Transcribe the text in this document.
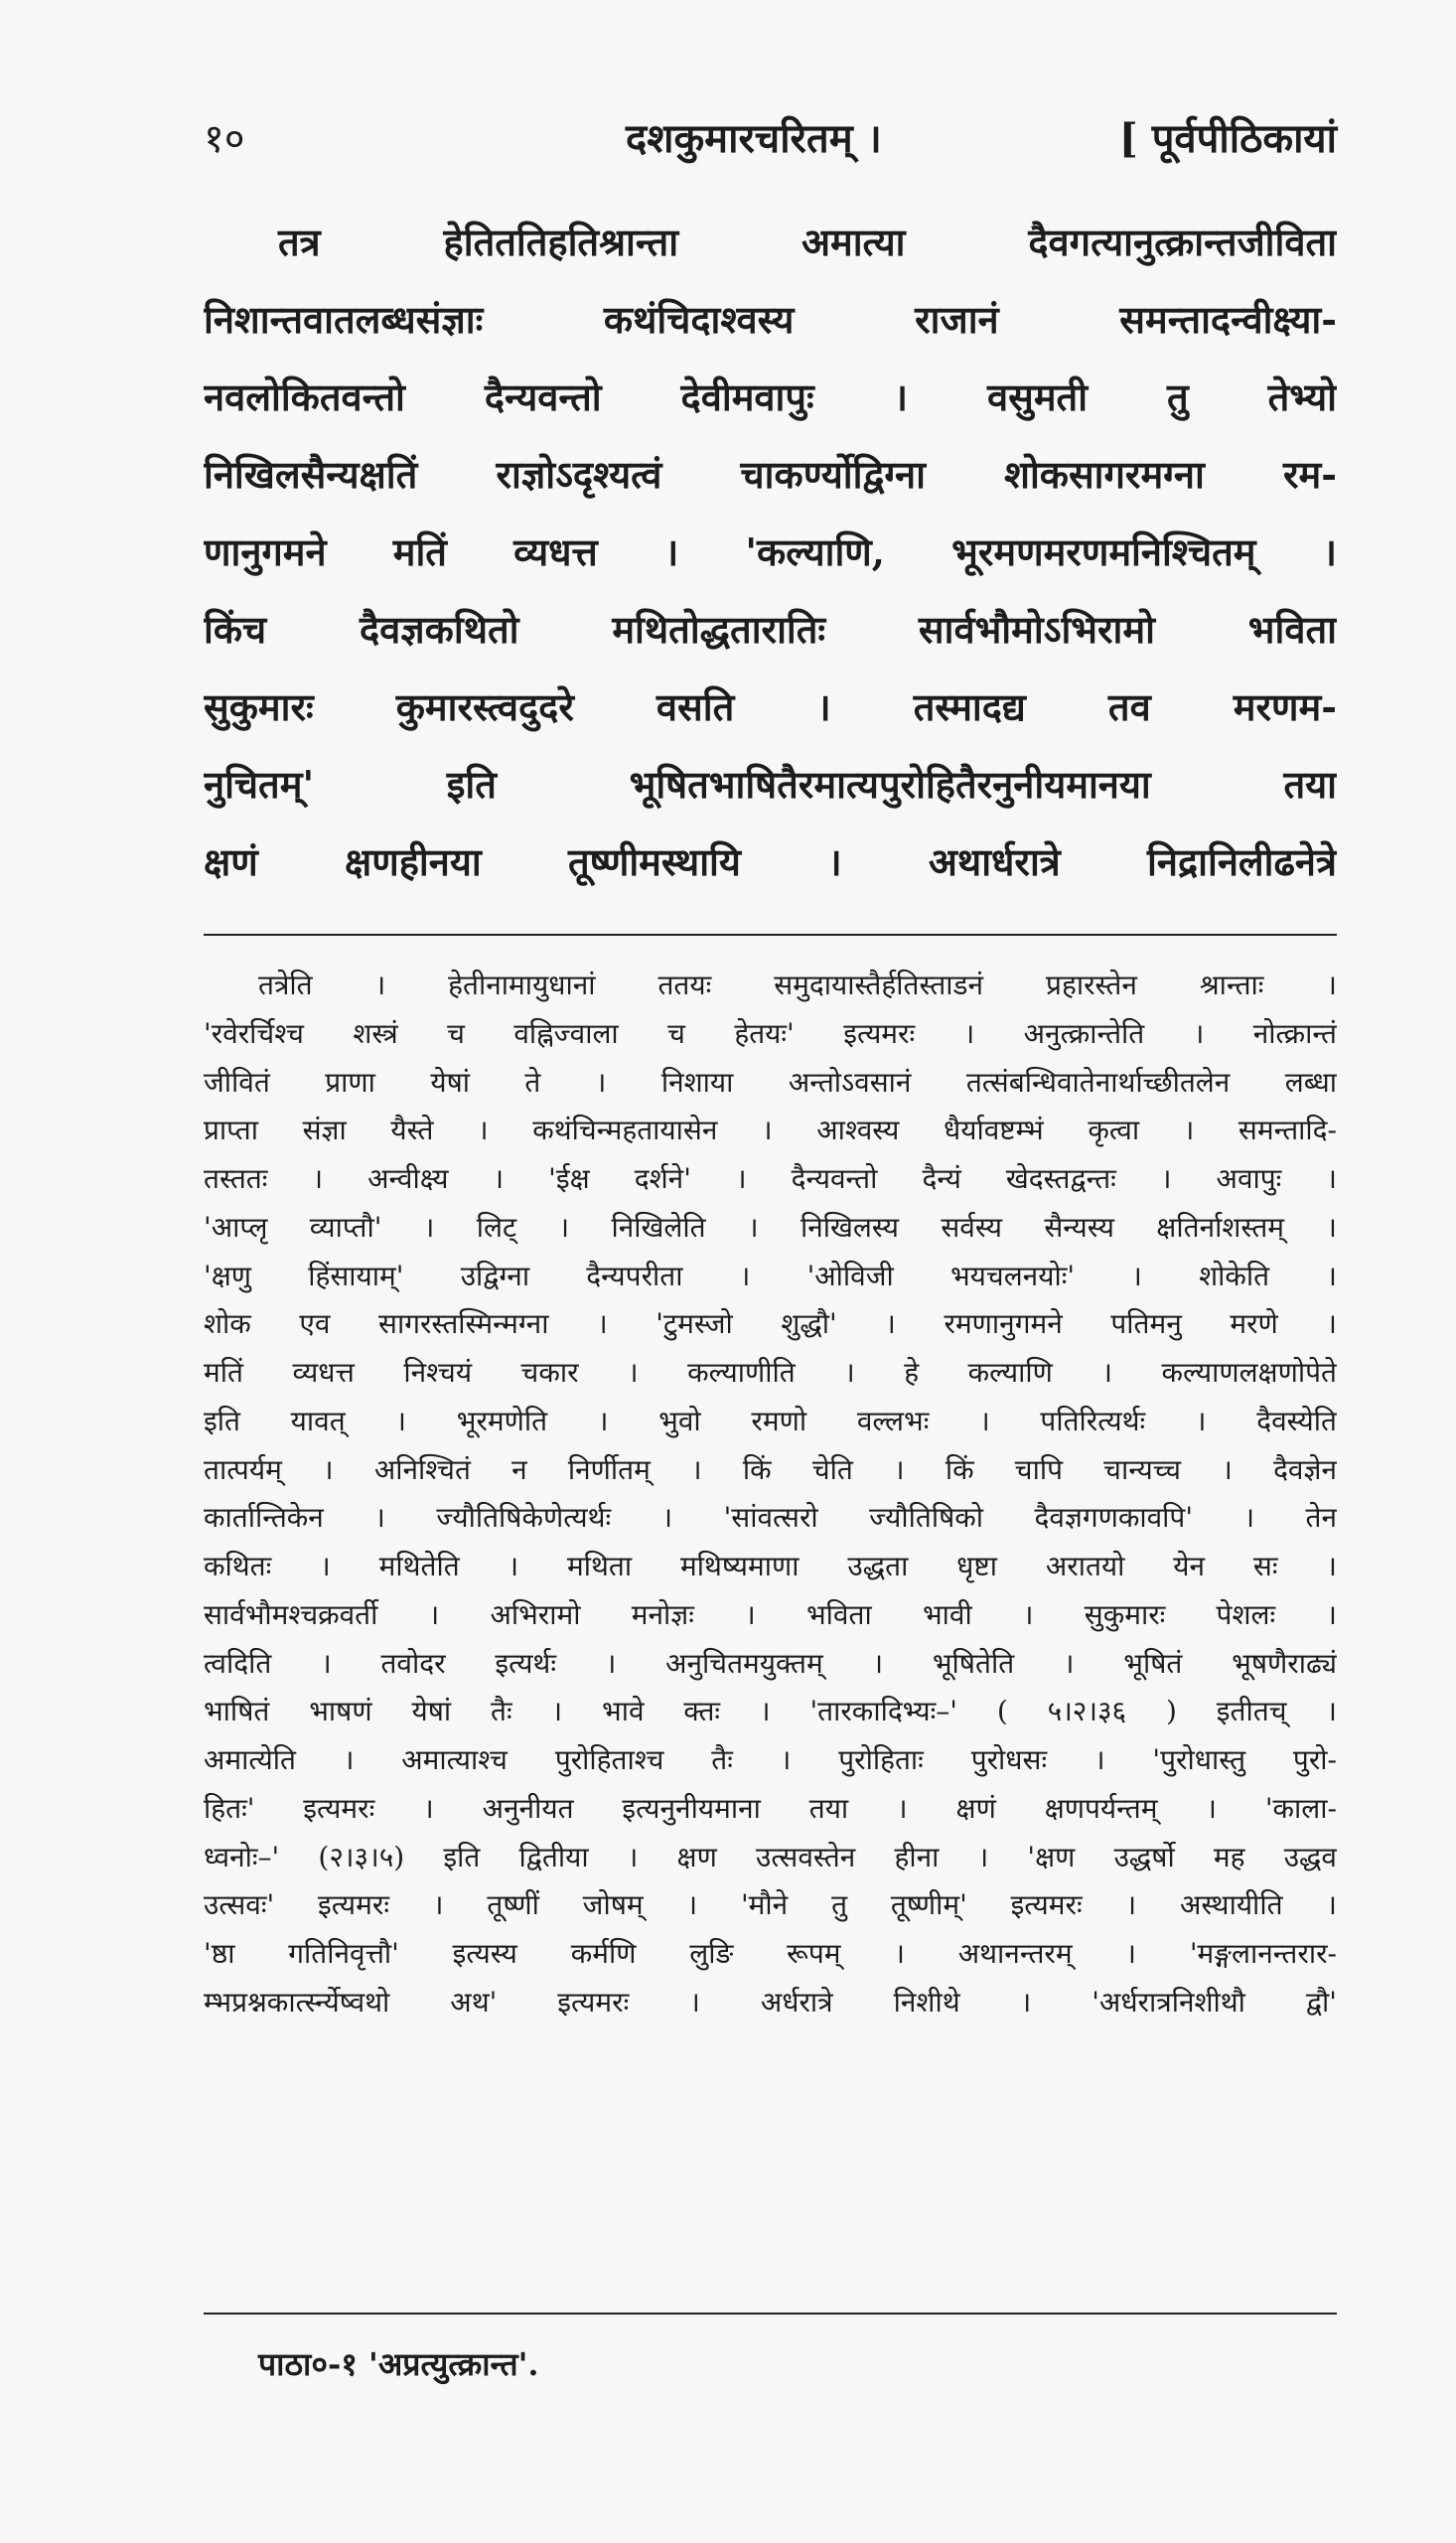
१०	दशकुमारचरितम् ।	[ पूर्वपीठिकायां
तत्र हेतिततिहतिश्रान्ता अमात्या दैवगत्यानुत्क्रान्तजीविता
निशान्तवातलब्धसंज्ञाः कथंचिदाश्वस्य राजानं समन्तादन्वीक्ष्या-
नवलोकितवन्तो दैन्यवन्तो देवीमवापुः । वसुमती तु तेभ्यो
निखिलसैन्यक्षतिं राज्ञोऽदृश्यत्वं चाकर्ण्योद्विग्ना शोकसागरमग्ना रम-
णानुगमने मतिं व्यधत्त । 'कल्याणि, भूरमणमरणमनिश्चितम् ।
किंच दैवज्ञकथितो मथितोद्धतारातिः सार्वभौमोऽभिरामो भविता
सुकुमारः कुमारस्त्वदुदरे वसति । तस्मादद्य तव मरणम-
नुचितम्' इति भूषितभाषितैरमात्यपुरोहितैरनुनीयमानया तया
क्षणं क्षणहीनया तूष्णीमस्थायि । अथार्धरात्रे निद्रानिलीढनेत्रे
तत्रेति । हेतीनामायुधानां ततयः समुदायास्तैर्हतिस्ताडनं प्रहारस्तेन श्रान्ताः ।
'रवेरर्चिश्च शस्त्रं च वह्निज्वाला च हेतयः' इत्यमरः । अनुत्क्रान्तेति । नोत्क्रान्तं
जीवितं प्राणा येषां ते । निशाया अन्तोऽवसानं तत्संबन्धिवातेनार्थाच्छीतलेन लब्धा
प्राप्ता संज्ञा यैस्ते । कथंचिन्महतायासेन । आश्वस्य धैर्यावष्टम्भं कृत्वा । समन्तादि-
तस्ततः । अन्वीक्ष्य । 'ईक्ष दर्शने' । दैन्यवन्तो दैन्यं खेदस्तद्वन्तः । अवापुः ।
'आप्लृ व्याप्तौ' । लिट् । निखिलेति । निखिलस्य सर्वस्य सैन्यस्य क्षतिर्नाशस्तम् ।
'क्षणु हिंसायाम्' उद्विग्ना दैन्यपरीता । 'ओविजी भयचलनयोः' । शोकेति ।
शोक एव सागरस्तस्मिन्मग्ना । 'टुमस्जो शुद्धौ' । रमणानुगमने पतिमनु मरणे ।
मतिं व्यधत्त निश्चयं चकार । कल्याणीति । हे कल्याणि । कल्याणलक्षणोपेते
इति यावत् । भूरमणेति । भुवो रमणो वल्लभः । पतिरित्यर्थः । दैवस्येति
तात्पर्यम् । अनिश्चितं न निर्णीतम् । किं चेति । किं चापि चान्यच्च । दैवज्ञेन
कार्तान्तिकेन । ज्यौतिषिकेणेत्यर्थः । 'सांवत्सरो ज्यौतिषिको दैवज्ञगणकावपि' । तेन
कथितः । मथितेति । मथिता मथिष्यमाणा उद्धता धृष्टा अरातयो येन सः ।
सार्वभौमश्चक्रवर्ती । अभिरामो मनोज्ञः । भविता भावी । सुकुमारः पेशलः ।
त्वदिति । तवोदर इत्यर्थः । अनुचितमयुक्तम् । भूषितेति । भूषितं भूषणैराढ्यं
भाषितं भाषणं येषां तैः । भावे क्तः । 'तारकादिभ्यः–' ( ५।२।३६ ) इतीतच् ।
अमात्येति । अमात्याश्च पुरोहिताश्च तैः । पुरोहिताः पुरोधसः । 'पुरोधास्तु पुरो-
हितः' इत्यमरः । अनुनीयत इत्यनुनीयमाना तया । क्षणं क्षणपर्यन्तम् । 'काला-
ध्वनोः–' (२।३।५) इति द्वितीया । क्षण उत्सवस्तेन हीना । 'क्षण उद्धर्षो मह उद्धव
उत्सवः' इत्यमरः । तूष्णीं जोषम् । 'मौने तु तूष्णीम्' इत्यमरः । अस्थायीति ।
'ष्ठा गतिनिवृत्तौ' इत्यस्य कर्मणि लुङि रूपम् । अथानन्तरम् । 'मङ्गलानन्तरार-
म्भप्रश्नकार्त्स्न्येष्वथो अथ' इत्यमरः । अर्धरात्रे निशीथे । 'अर्धरात्रनिशीथौ द्वौ'
पाठा०-१ 'अप्रत्युत्क्रान्त'.
